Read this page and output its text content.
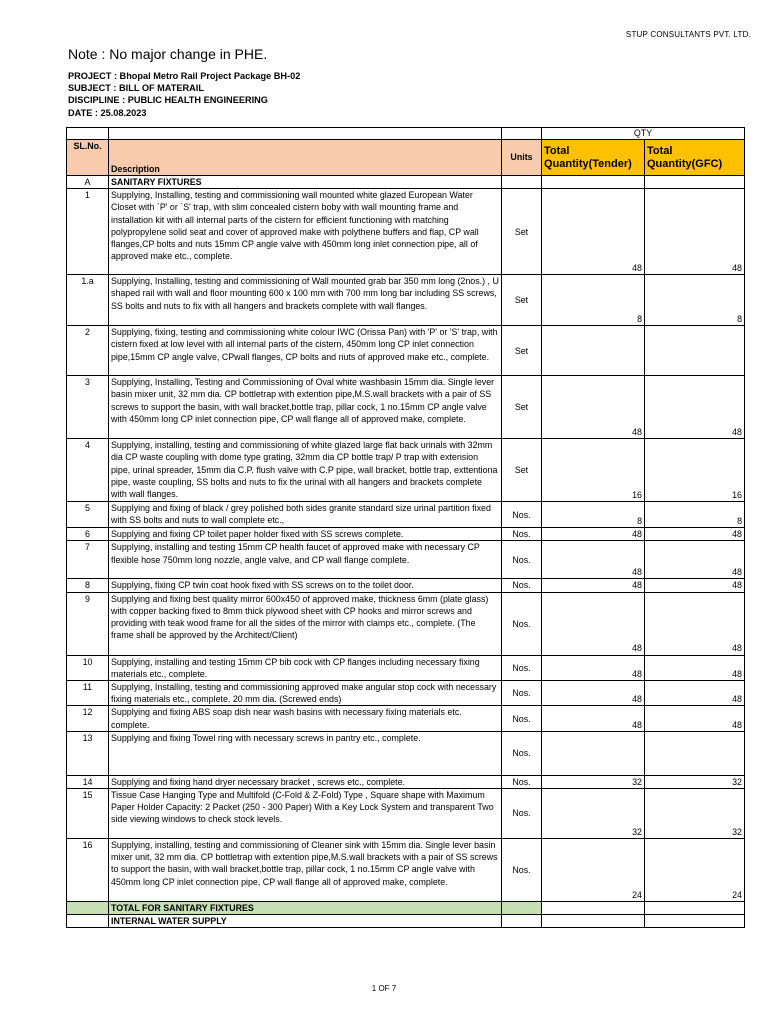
STUP CONSULTANTS PVT. LTD.
Note : No major change in PHE.
PROJECT : Bhopal Metro Rail Project Package BH-02
SUBJECT : BILL OF MATERAIL
DISCIPLINE : PUBLIC HEALTH ENGINEERING
DATE : 25.08.2023
			QTY	
SL.No.	Description	Units	Total Quantity(Tender)	Total Quantity(GFC)
A	SANITARY FIXTURES			
1	Supplying, Installing, testing and commissioning wall mounted white glazed European Water Closet with `P' or `S' trap, with slim concealed cistern boby with wall mounting frame and installation kit with all internal parts of the cistern for efficient functioning with matching polypropylene solid seat and cover of approved make with polythene buffers and flap, CP wall flanges,CP bolts and nuts 15mm CP angle valve with 450mm long inlet connection pipe, all of approved make etc., complete.	Set	48	48
1.a	Supplying, Installing, testing and commissioning of Wall mounted grab bar 350 mm long (2nos.) , U shaped rail with wall and floor mounting 600 x 100 mm with 700 mm long bar including SS screws, SS bolts and nuts to fix with all hangers and brackets complete with wall flanges.	Set	8	8
2	Supplying, fixing, testing and commissioning white colour IWC (Orissa Pan) with 'P' or 'S' trap, with cistern fixed at low level with all internal parts of the cistern, 450mm long CP inlet connection pipe,15mm CP angle valve, CPwall flanges, CP bolts and nuts of approved make etc., complete.	Set		
3	Supplying, Installing, Testing and Commissioning of Oval white washbasin 15mm dia. Single lever basin mixer unit, 32 mm dia. CP bottletrap with extention pipe,M.S.wall brackets with a pair of SS screws to support the basin, with wall bracket,bottle trap, pillar cock, 1 no.15mm CP angle valve with 450mm long CP inlet connection pipe, CP wall flange all of approved make, complete.	Set	48	48
4	Supplying, installing, testing and commissioning of white glazed large flat back urinals with 32mm dia CP waste coupling with dome type grating, 32mm dia CP bottle trap/ P trap with extension pipe, urinal spreader, 15mm dia C.P. flush valve with C.P pipe, wall bracket, bottle trap, exttentiona pipe, waste coupling, SS bolts and nuts to fix the urinal with all hangers and brackets complete with wall flanges.	Set	16	16
5	Supplying and fixing of black / grey polished both sides granite standard size urinal partition fixed with SS bolts and nuts to wall complete etc.,	Nos.	8	8
6	Supplying and fixing CP toilet paper holder fixed with SS screws complete.	Nos.	48	48
7	Supplying, installing and testing 15mm CP health faucet of approved make with necessary CP flexible hose 750mm long nozzle, angle valve, and CP wall flange complete.	Nos.	48	48
8	Supplying, fixing CP twin coat hook fixed with SS screws on to the toilet door.	Nos.	48	48
9	Supplying and fixing best quality mirror 600x450 of approved make, thickness 6mm (plate glass) with copper backing fixed to 8mm thick plywood sheet with CP hooks and mirror screws and providing with teak wood frame for all the sides of the mirror with clamps etc., complete. (The frame shall be approved by the Architect/Client)	Nos.	48	48
10	Supplying, installing and testing 15mm CP bib cock with CP flanges including necessary fixing materials etc., complete.	Nos.	48	48
11	Supplying, Installing, testing and commissioning approved make angular stop cock with necessary fixing materials etc., complete. 20 mm dia. (Screwed ends)	Nos.	48	48
12	Supplying and fixing ABS soap dish near wash basins with necessary fixing materials etc. complete.	Nos.	48	48
13	Supplying and fixing Towel ring with necessary screws in pantry etc., complete.	Nos.		
14	Supplying and fixing hand dryer necessary bracket , screws etc., complete.	Nos.	32	32
15	Tissue Case Hanging Type and Multifold (C-Fold & Z-Fold) Type , Square shape with Maximum Paper Holder Capacity: 2 Packet (250 - 300 Paper) With a Key Lock System and transparent Two side viewing windows to check stock levels.	Nos.	32	32
16	Supplying, installing, testing and commissioning of Cleaner sink with 15mm dia. Single lever basin mixer unit, 32 mm dia. CP bottletrap with extention pipe,M.S.wall brackets with a pair of SS screws to support the basin, with wall bracket,bottle trap, pillar cock, 1 no.15mm CP angle valve with 450mm long CP inlet connection pipe, CP wall flange all of approved make, complete.	Nos.	24	24
	TOTAL FOR SANITARY FIXTURES			
	INTERNAL WATER SUPPLY			
1 OF 7
